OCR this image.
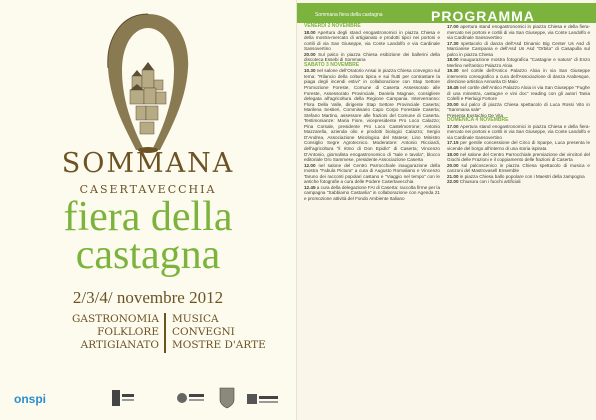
SOMMANA
CASERTAVECCHIA
fiera della
castagna
2/3/4/ novembre 2012
GASTRONOMIA
FOLKLORE
ARTIGIANATO
MUSICA
CONVEGNI
MOSTRE D'ARTE
onspi
Sommana fiera della castagna	PROGRAMMA

VENERDÌ 2 NOVEMBRE

18.00 Apertura degli stand enogastronomici in piazza Chiesa e della mostra-mercato di artigianato e prodotti tipici nei portoni e cortili di via San Giuseppe, via Conte Landolfo e via Cardinale Sansovertino

20.00 Sul palco in piazza Chiesa esibizione dei ballerini della discoteca Essebi di Sommana

SABATO 3 NOVEMBRE

10.30 nel salone dell'Oratorio Ansai in piazza Chiesa convegno sul tema: "Rilancio della coltura tipica e sui frutti per contrastare la piaga degli incendi estivi" in collaborazione con Stap Settore Promozione Foreste, Comune di Caserta Assessorato alle Foreste, Assessorato Provinciale, Daniela Magnae, consigliere delegata all'agricoltura della Regione Campania. Interverranno: Flora Della Valle, dirigente Stap Settore Provinciale Caserta; Marilena Sestieri, Commissario Capo Corpo Forestale Caserta; Stefano Martino, assessore alle frazioni del Comune di Caserta. Testimonianze: Maria Fiore, vicepresidente Pro Loco Calazzo; Pina Corsale, presidente Pro Loco Castelmorrone; Antonio Mazzarella, azienda olio e prodotti biologici Calazzo; Sergio D'Andrea, Associazione Micologica del Matese; Lino Ministro Consiglio Segre Agrotecnico. Moderatore: Antonio Ricciardi, dell'agricoltura "il ritmo di Don Epidio" di Caserta; Vincenzo D'Antonio, giornalista enogastronomico di "sale e tavola", blocco editoriale Oro Sammese, presidente Associazione Caserta

12.00 nel salone del Centro Parrocchiale inaugurazione della mostra "Fabula Pictura" a cura di Augusto Romaliano e Vincenzo Taruno dei racconti popolari castano e "Viaggio nel tempo" con le antiche fotografie a cura delle Podere Casertavecchia

12.45 a cura della delegazione FAI di Caserta: raccolta firme per la campagna "Sabbiamo Castanlia" in collaborazione con Agenda 21 e promozione attività del Fondo Ambiente Italiano

17.00 apertura stand enogastronomici in piazza Chiesa e della fiera-mercato nei portoni e cortili di via San Giuseppe, via Conte Landolfo e via Cardinale Sansovertino

17.30 spettacolo di danza dell'Asd Dinamic Big Center Us Asd di Marcianise Campania e dell'Asd Us Asd "Orbita" di Casapulla sul palco in piazza Chiesa

18.00 inaugurazione mostra fotografica "Castagne e natura" di Enzo Merlino nell'antico Palazzo Aloia

19.30 nel cortile dell'Antico Palazzo Aloia in via San Giuseppe intervento coreografico a cura dell'Associazione di danza Arabesque, direzione artistica Annarita Di Maio

19.45 nel cortile dell'Antico Palazzo Aloia in via San Giuseppe "Fughe di una minestra, castagne e vini doc" reading con gli autori Tania Colelli e Pierluigi Fortore

20.00 sul palco di piazza Chiesa spettacolo di Luca Rossi Vito in "Sammana sale"

Presenta Eustachio De Vita

DOMENICA 4 NOVEMBRE

17.00 Apertura stand enogastronomici in piazza Chiesa e della fiera-mercato nei portoni e cortili in via San Giuseppe, via Conte Landolfo e via Cardinale Sansovertino

17.15 per gentile concessione del Circo di Sparpe, Luca presenta le vicende del borgo all'interno di una storia ispirata

18.00 nel salone del Centro Parrocchiale premiazione dei vincitori del Giochi delle Frazioni e il coppiamento delle frazioni di Caserta

20.00 sul palcoscenico in piazza Chiesa spettacolo di musica e canzoni del Mastrovasell Ensemble

21.00 in piazza Chiesa ballo popolare con i Maestri della zampogna

22.00 Chiusura con i fuochi artificiali
